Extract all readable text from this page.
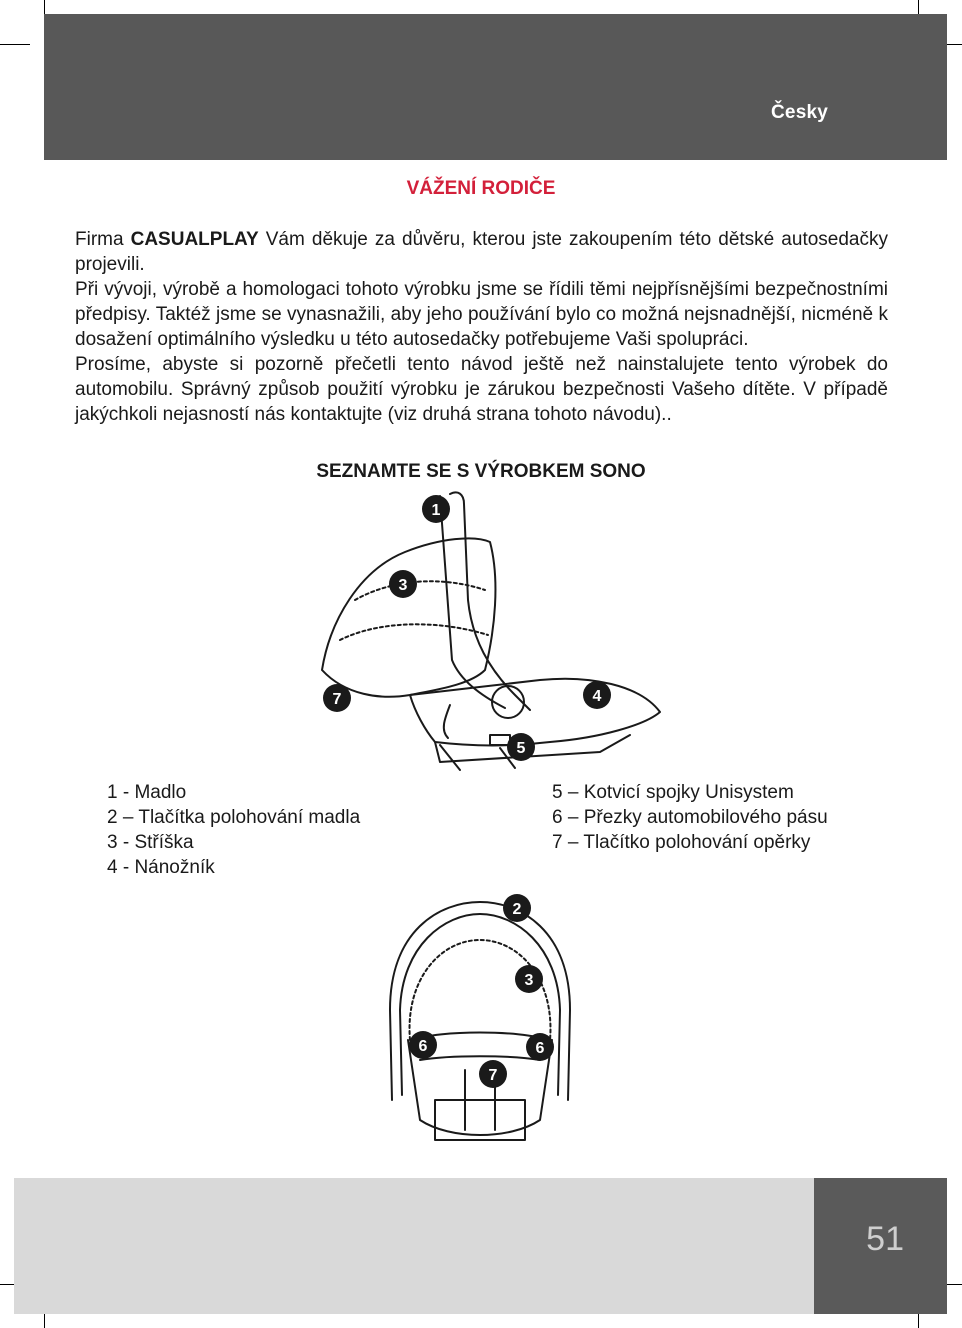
Česky
VÁŽENÍ RODIČE

Firma CASUALPLAY Vám děkuje za důvěru, kterou jste zakoupením této dětské autosedačky projevili.

Při vývoji, výrobě a homologaci tohoto výrobku jsme se řídili těmi nejpřísnějšími bezpečnostními předpisy. Taktéž jsme se vynasnažili, aby jeho používání bylo co možná nejsnadnější, nicméně k dosažení optimálního výsledku u této autosedačky potřebujeme Vaši spolupráci.

Prosíme, abyste si pozorně přečetli tento návod ještě než nainstalujete tento výrobek do automobilu. Správný způsob použití výrobku je zárukou bezpečnosti Vašeho dítěte. V případě jakýchkoli nejasností nás kontaktujte (viz druhá strana tohoto návodu)..

SEZNAMTE SE S VÝROBKEM SONO
1
3
7	4
5
1 - Madlo
2 – Tlačítka polohování madla
3 - Stříška
4 - Nánožník
5 – Kotvicí spojky Unisystem
6 – Přezky automobilového pásu
7 – Tlačítko polohování opěrky
2
3
6	6
7
51
